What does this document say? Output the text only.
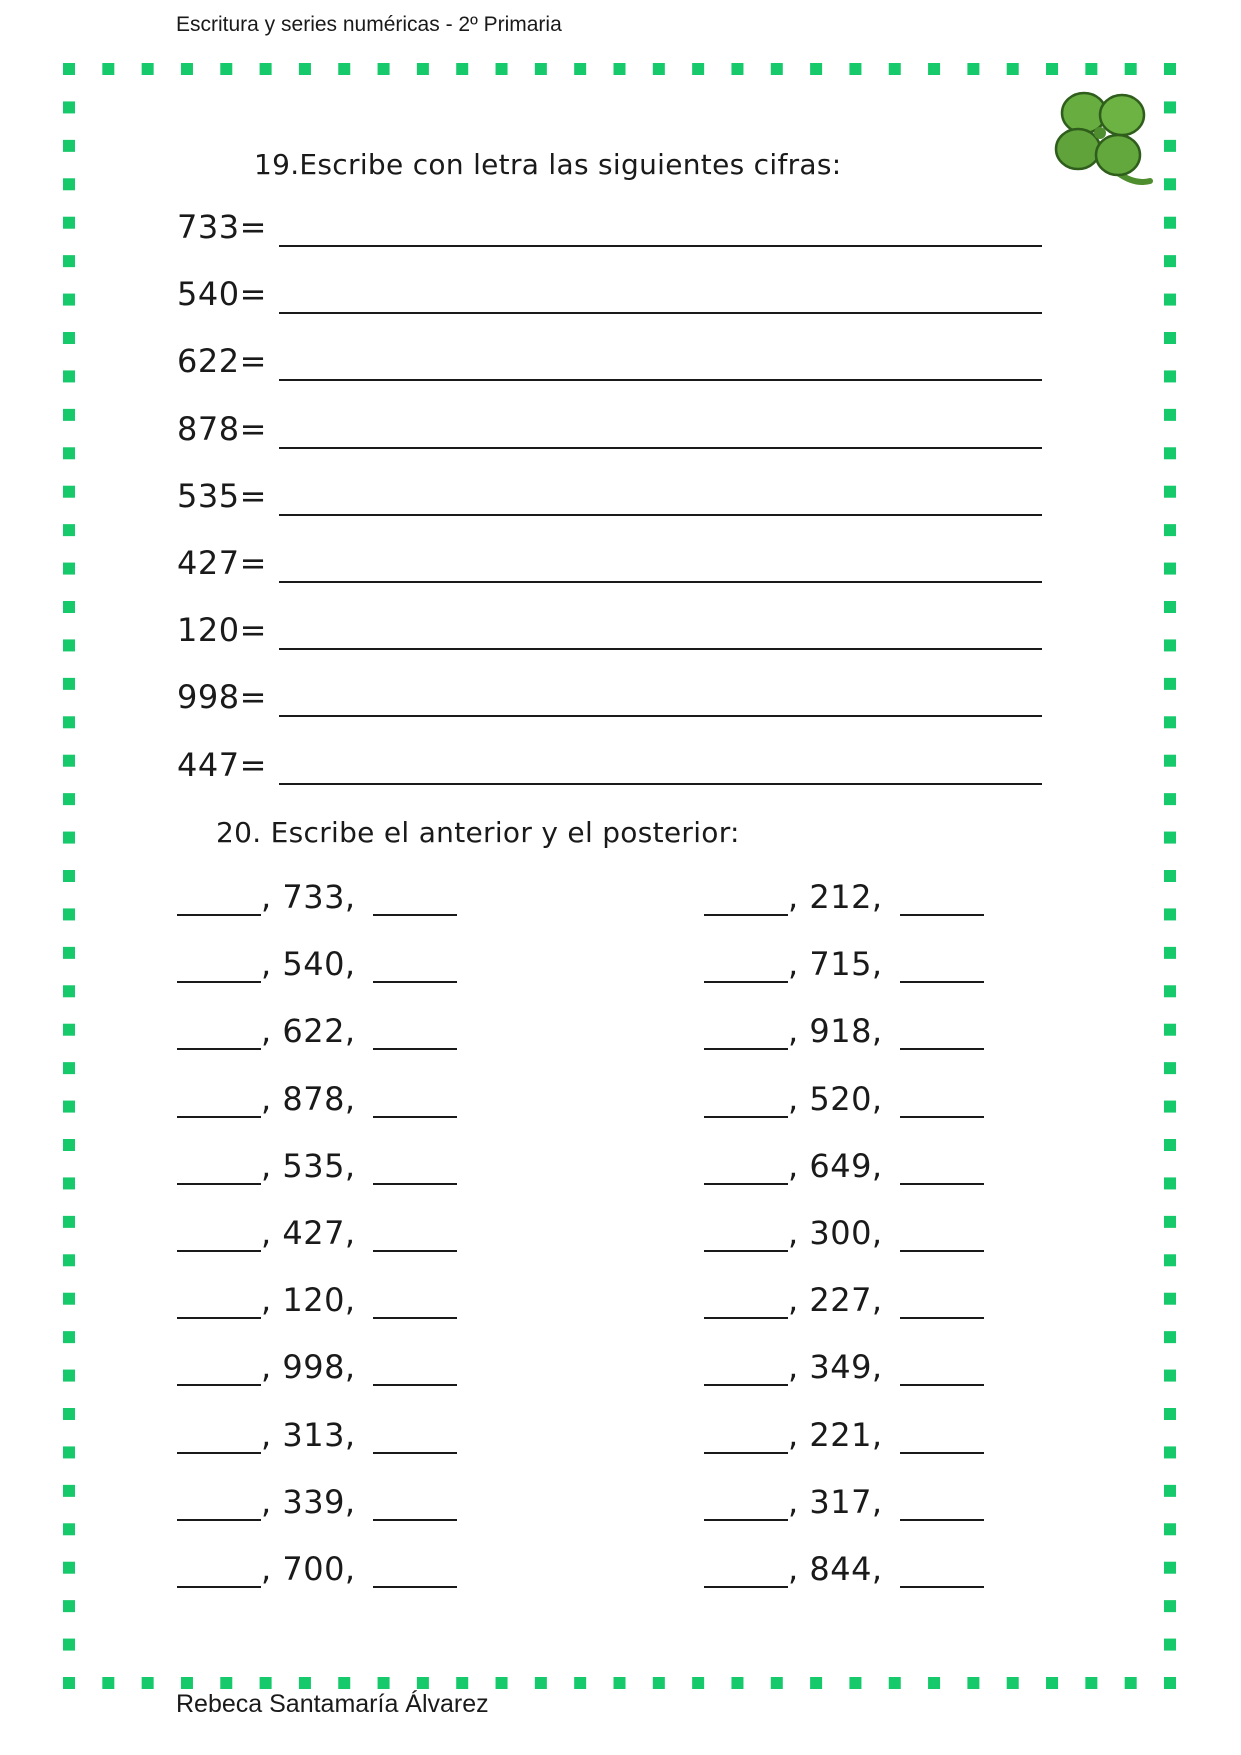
Escritura y series numéricas - 2º Primaria
19.Escribe con letra las siguientes cifras:
733=
540=
622=
878=
535=
427=
120=
998=
447=
20. Escribe el anterior y el posterior:
, 733,
, 540,
, 622,
, 878,
, 535,
, 427,
, 120,
, 998,
, 313,
, 339,
, 700,
, 212,
, 715,
, 918,
, 520,
, 649,
, 300,
, 227,
, 349,
, 221,
, 317,
, 844,
Rebeca Santamaría Álvarez
